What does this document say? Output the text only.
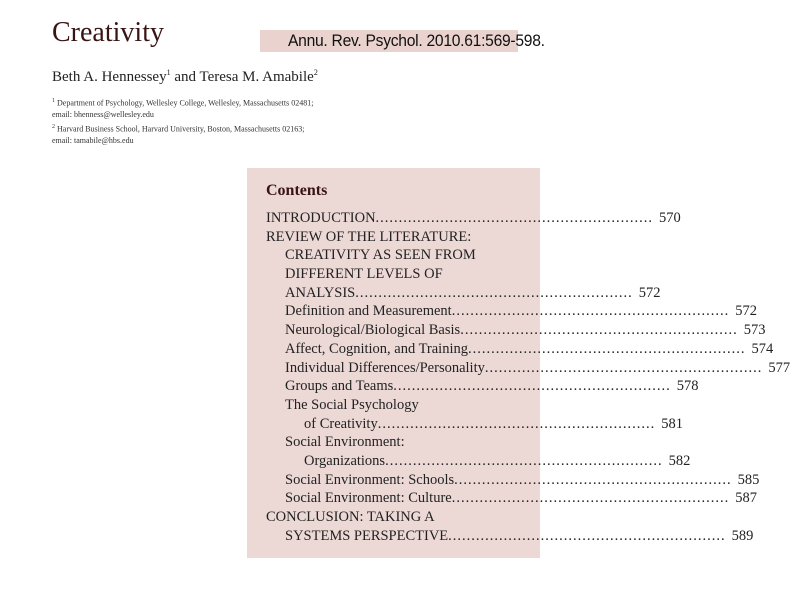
Creativity	Annu. Rev. Psychol. 2010.61:569-598.
Beth A. Hennessey$^1$ and Teresa M. Amabile$^2$
$^1$ Department of Psychology, Wellesley College, Wellesley, Massachusetts 02481;
email: bhenness@wellesley.edu
$^2$ Harvard Business School, Harvard University, Boston, Massachusetts 02163;
email: tamabile@hbs.edu
Contents
INTRODUCTION ............................................................ 570
REVIEW OF THE LITERATURE:
CREATIVITY AS SEEN FROM
DIFFERENT LEVELS OF
ANALYSIS ............................................................ 572
Definition and Measurement ............................................................ 572
Neurological/Biological Basis ............................................................ 573
Affect, Cognition, and Training ............................................................ 574
Individual Differences/Personality ............................................................ 577
Groups and Teams ............................................................ 578
The Social Psychology
of Creativity ............................................................ 581
Social Environment:
Organizations ............................................................ 582
Social Environment: Schools ............................................................ 585
Social Environment: Culture ............................................................ 587
CONCLUSION: TAKING A
SYSTEMS PERSPECTIVE ............................................................ 589
